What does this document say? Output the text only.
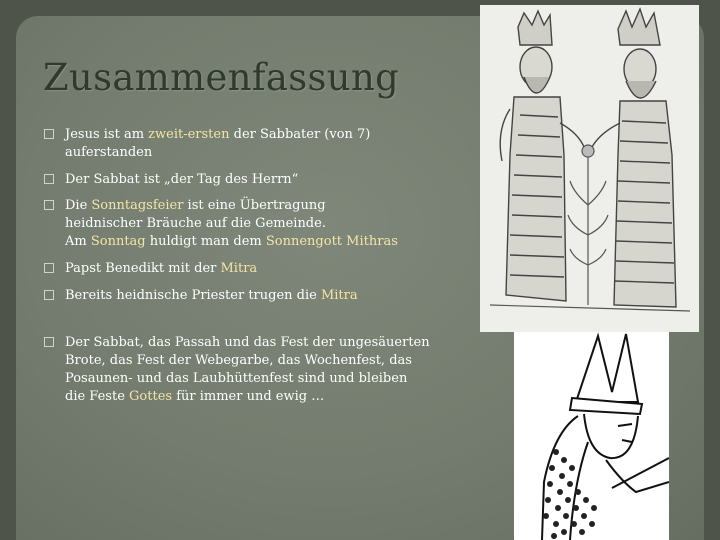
Zusammenfassung
Jesus ist am zweit-ersten der Sabbater (von 7)
auferstanden
Der Sabbat ist „der Tag des Herrn“
Die Sonntagsfeier ist eine Übertragung
heidnischer Bräuche auf die Gemeinde.
Am Sonntag huldigt man dem Sonnengott Mithras
Papst Benedikt mit der Mitra
Bereits heidnische Priester trugen die Mitra
Der Sabbat, das Passah und das Fest der ungesäuerten
Brote, das Fest der Webegarbe, das Wochenfest, das
Posaunen- und das Laubhüttenfest sind und bleiben
die Feste Gottes für immer und ewig …
